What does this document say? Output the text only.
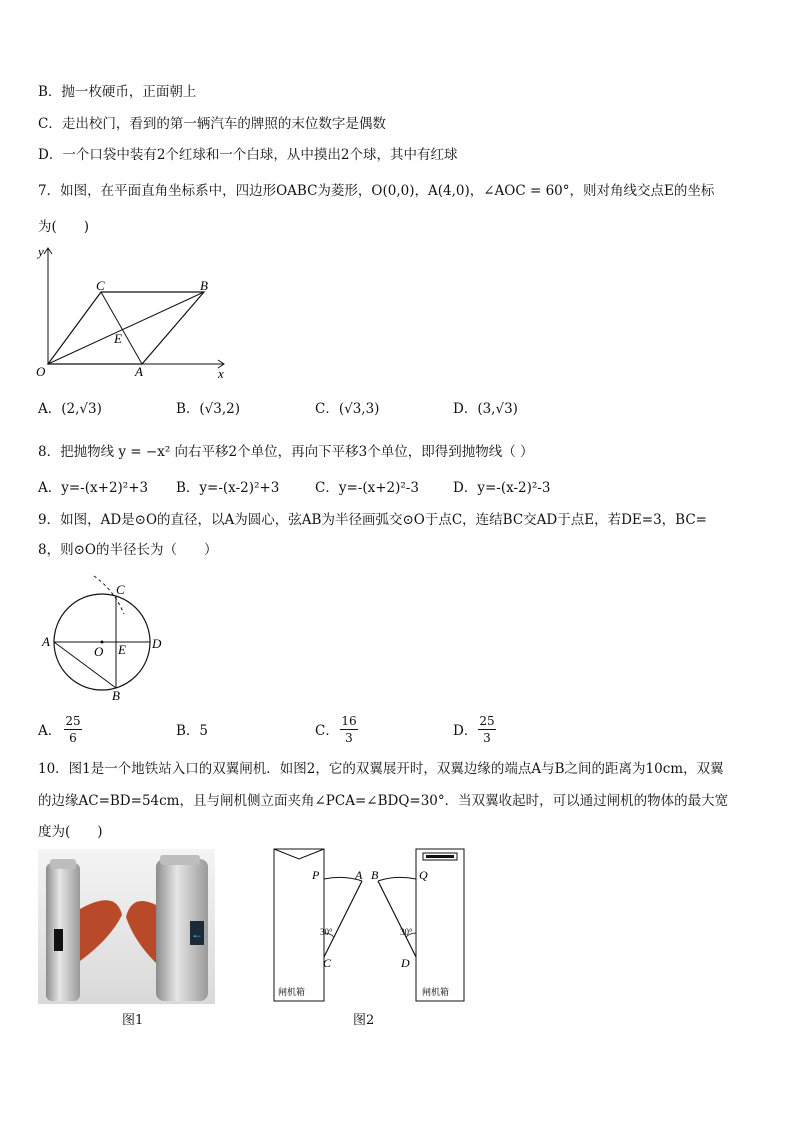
B．抛一枚硬币，正面朝上
C．走出校门，看到的第一辆汽车的牌照的末位数字是偶数
D．一个口袋中装有2个红球和一个白球，从中摸出2个球，其中有红球
7．如图，在平面直角坐标系中，四边形OABC为菱形，O(0,0)，A(4,0)，∠AOC = 60°，则对角线交点E的坐标
为(　　)
y
x
O	A
B
C
E
A．(2,√3)	B．(√3,2)	C．(√3,3)	D．(3,√3)
8．把抛物线 y = −x² 向右平移2个单位，再向下平移3个单位，即得到抛物线（ ）
A．y=-(x+2)²+3 B．y=-(x-2)²+3	C．y=-(x+2)²-3	D．y=-(x-2)²-3
9．如图，AD是⊙O的直径，以A为圆心，弦AB为半径画弧交⊙O于点C，连结BC交AD于点E，若DE=3，BC=
8，则⊙O的半径长为（　　）
A	D
C
B
O E
A．
25
6	B．5	C．
16
3	D．
25
3
10．图1是一个地铁站入口的双翼闸机．如图2，它的双翼展开时，双翼边缘的端点A与B之间的距离为10cm，双翼
的边缘AC=BD=54cm，且与闸机侧立面夹角∠PCA=∠BDQ=30°．当双翼收起时，可以通过闸机的物体的最大宽
度为(　　)
←
图1
P	A B	Q
C	D
30°	30°
闸机箱	闸机箱
图2
